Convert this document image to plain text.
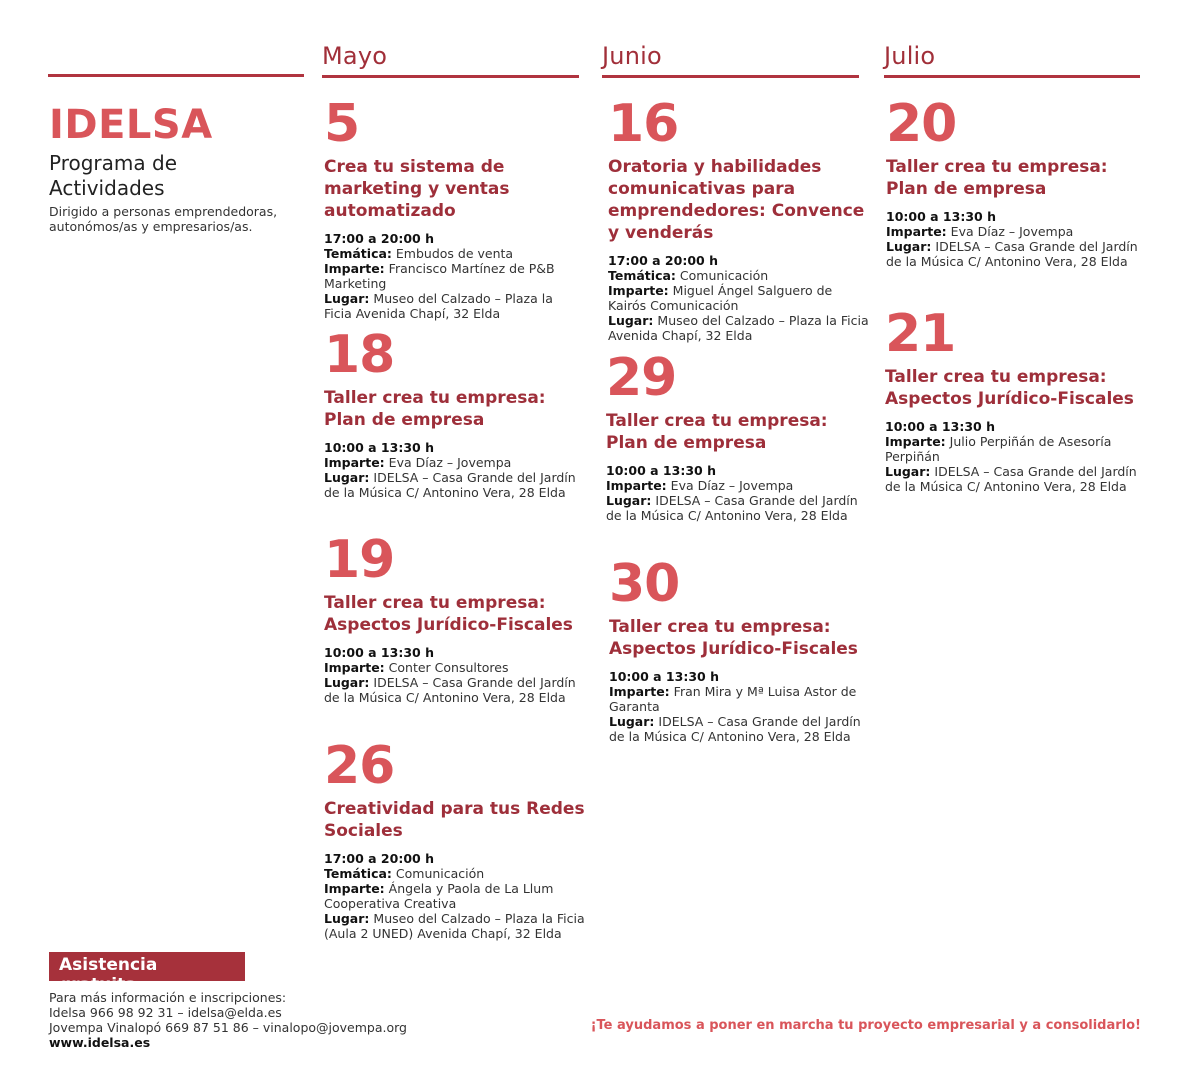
Mayo	Junio	Julio
IDELSA
Programa de
Actividades
Dirigido a personas emprendedoras, autonómos/as y empresarios/as.
5
Crea tu sistema de marketing y ventas automatizado
17:00 a 20:00 h
Temática: Embudos de venta
Imparte: Francisco Martínez de P&B Marketing
Lugar: Museo del Calzado – Plaza la Ficia Avenida Chapí, 32 Elda
18
Taller crea tu empresa: Plan de empresa
10:00 a 13:30 h
Imparte: Eva Díaz – Jovempa
Lugar: IDELSA – Casa Grande del Jardín de la Música C/ Antonino Vera, 28 Elda
19
Taller crea tu empresa: Aspectos Jurídico-Fiscales
10:00 a 13:30 h
Imparte: Conter Consultores
Lugar: IDELSA – Casa Grande del Jardín de la Música C/ Antonino Vera, 28 Elda
26
Creatividad para tus Redes Sociales
17:00 a 20:00 h
Temática: Comunicación
Imparte: Ángela y Paola de La Llum Cooperativa Creativa
Lugar: Museo del Calzado – Plaza la Ficia (Aula 2 UNED) Avenida Chapí, 32 Elda
16
Oratoria y habilidades comunicativas para emprendedores: Convence y venderás
17:00 a 20:00 h
Temática: Comunicación
Imparte: Miguel Ángel Salguero de Kairós Comunicación
Lugar: Museo del Calzado – Plaza la Ficia Avenida Chapí, 32 Elda
29
Taller crea tu empresa: Plan de empresa
10:00 a 13:30 h
Imparte: Eva Díaz – Jovempa
Lugar: IDELSA – Casa Grande del Jardín de la Música C/ Antonino Vera, 28 Elda
30
Taller crea tu empresa: Aspectos Jurídico-Fiscales
10:00 a 13:30 h
Imparte: Fran Mira y Mª Luisa Astor de Garanta
Lugar: IDELSA – Casa Grande del Jardín de la Música C/ Antonino Vera, 28 Elda
20
Taller crea tu empresa: Plan de empresa
10:00 a 13:30 h
Imparte: Eva Díaz – Jovempa
Lugar: IDELSA – Casa Grande del Jardín de la Música C/ Antonino Vera, 28 Elda
21
Taller crea tu empresa: Aspectos Jurídico-Fiscales
10:00 a 13:30 h
Imparte: Julio Perpiñán de Asesoría Perpiñán
Lugar: IDELSA – Casa Grande del Jardín de la Música C/ Antonino Vera, 28 Elda
Asistencia gratuita
Para más información e inscripciones:
Idelsa 966 98 92 31 – idelsa@elda.es
Jovempa Vinalopó 669 87 51 86 – vinalopo@jovempa.org
www.idelsa.es
¡Te ayudamos a poner en marcha tu proyecto empresarial y a consolidarlo!
